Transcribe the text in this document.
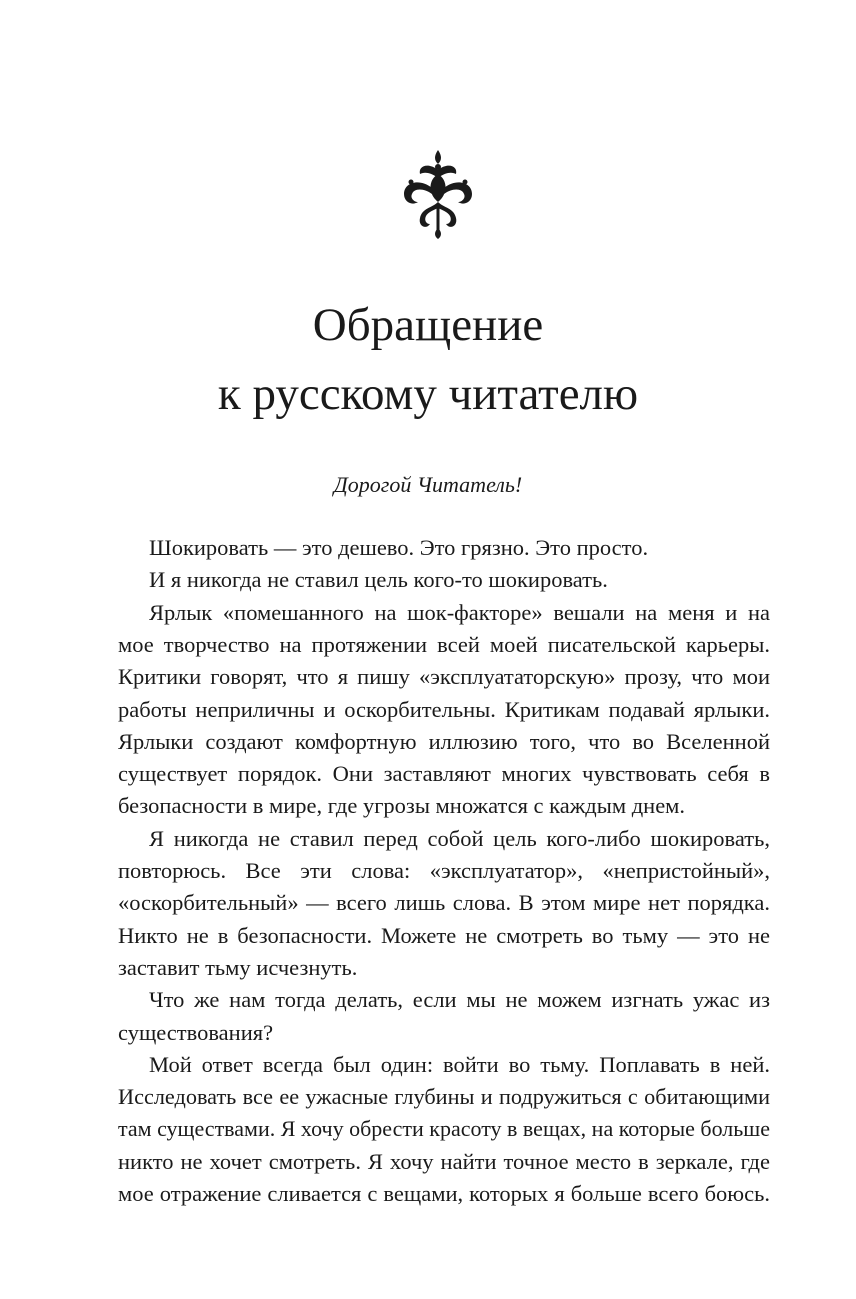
Обращение
к русскому читателю
Дорогой Читатель!
Шокировать — это дешево. Это грязно. Это просто.
И я никогда не ставил цель кого-то шокировать.
Ярлык «помешанного на шок-факторе» вешали на меня и на
мое творчество на протяжении всей моей писательской карьеры.
Критики говорят, что я пишу «эксплуататорскую» прозу, что мои
работы неприличны и оскорбительны. Критикам подавай ярлыки.
Ярлыки создают комфортную иллюзию того, что во Вселенной
существует порядок. Они заставляют многих чувствовать себя в
безопасности в мире, где угрозы множатся с каждым днем.
Я никогда не ставил перед собой цель кого-либо шокировать,
повторюсь. Все эти слова: «эксплуататор», «непристойный»,
«оскорбительный» — всего лишь слова. В этом мире нет порядка.
Никто не в безопасности. Можете не смотреть во тьму — это не
заставит тьму исчезнуть.
Что же нам тогда делать, если мы не можем изгнать ужас из
существования?
Мой ответ всегда был один: войти во тьму. Поплавать в ней.
Исследовать все ее ужасные глубины и подружиться с обитающими
там существами. Я хочу обрести красоту в вещах, на которые больше
никто не хочет смотреть. Я хочу найти точное место в зеркале, где
мое отражение сливается с вещами, которых я больше всего боюсь.
